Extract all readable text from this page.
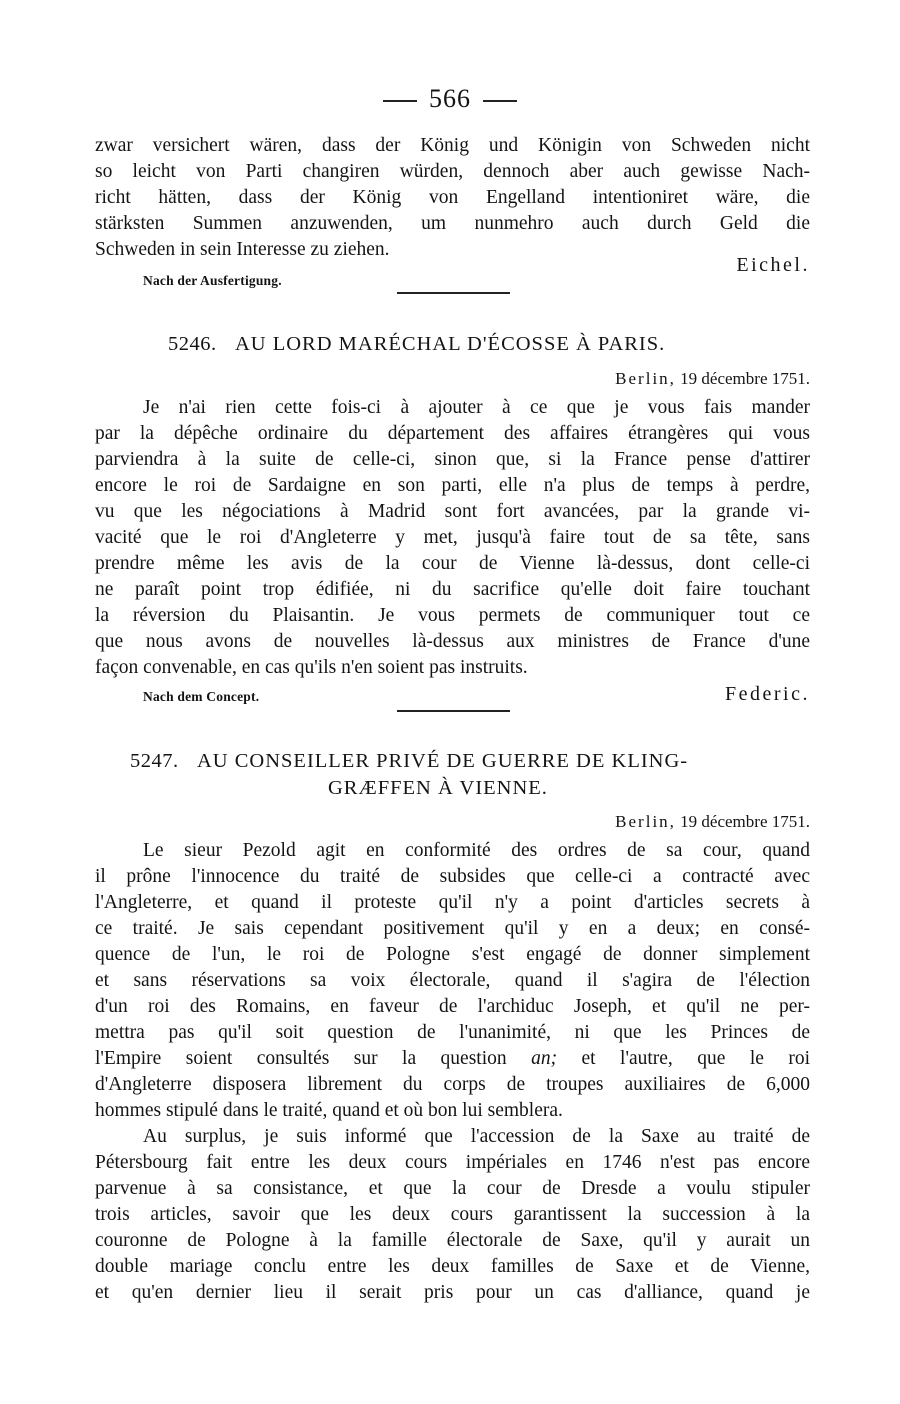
566
zwar versichert wären, dass der König und Königin von Schweden nicht
so leicht von Parti changiren würden, dennoch aber auch gewisse Nach-
richt hätten, dass der König von Engelland intentioniret wäre, die
stärksten Summen anzuwenden, um nunmehro auch durch Geld die
Schweden in sein Interesse zu ziehen.
Eichel.
Nach der Ausfertigung.
5246. AU LORD MARÉCHAL D'ÉCOSSE À PARIS.
Berlin, 19 décembre 1751.
Je n'ai rien cette fois-ci à ajouter à ce que je vous fais mander
par la dépêche ordinaire du département des affaires étrangères qui vous
parviendra à la suite de celle-ci, sinon que, si la France pense d'attirer
encore le roi de Sardaigne en son parti, elle n'a plus de temps à perdre,
vu que les négociations à Madrid sont fort avancées, par la grande vi-
vacité que le roi d'Angleterre y met, jusqu'à faire tout de sa tête, sans
prendre même les avis de la cour de Vienne là-dessus, dont celle-ci
ne paraît point trop édifiée, ni du sacrifice qu'elle doit faire touchant
la réversion du Plaisantin. Je vous permets de communiquer tout ce
que nous avons de nouvelles là-dessus aux ministres de France d'une
façon convenable, en cas qu'ils n'en soient pas instruits.
Federic.
Nach dem Concept.
5247. AU CONSEILLER PRIVÉ DE GUERRE DE KLING-
GRÆFFEN À VIENNE.
Berlin, 19 décembre 1751.
Le sieur Pezold agit en conformité des ordres de sa cour, quand
il prône l'innocence du traité de subsides que celle-ci a contracté avec
l'Angleterre, et quand il proteste qu'il n'y a point d'articles secrets à
ce traité. Je sais cependant positivement qu'il y en a deux; en consé-
quence de l'un, le roi de Pologne s'est engagé de donner simplement
et sans réservations sa voix électorale, quand il s'agira de l'élection
d'un roi des Romains, en faveur de l'archiduc Joseph, et qu'il ne per-
mettra pas qu'il soit question de l'unanimité, ni que les Princes de
l'Empire soient consultés sur la question an; et l'autre, que le roi
d'Angleterre disposera librement du corps de troupes auxiliaires de 6,000
hommes stipulé dans le traité, quand et où bon lui semblera.
Au surplus, je suis informé que l'accession de la Saxe au traité de
Pétersbourg fait entre les deux cours impériales en 1746 n'est pas encore
parvenue à sa consistance, et que la cour de Dresde a voulu stipuler
trois articles, savoir que les deux cours garantissent la succession à la
couronne de Pologne à la famille électorale de Saxe, qu'il y aurait un
double mariage conclu entre les deux familles de Saxe et de Vienne,
et qu'en dernier lieu il serait pris pour un cas d'alliance, quand je
